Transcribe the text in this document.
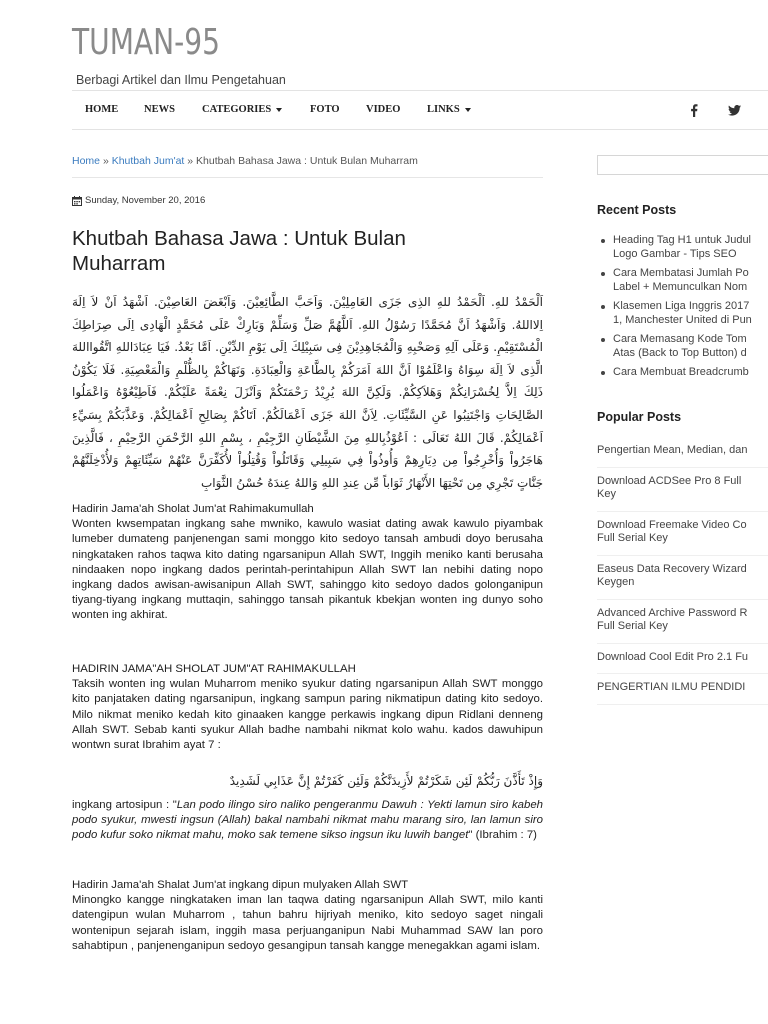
TUMAN-95
Berbagi Artikel dan Ilmu Pengetahuan
HOME NEWS	CATEGORIES	FOTO	VIDEO	LINKS
Home » Khutbah Jum'at » Khutbah Bahasa Jawa : Untuk Bulan Muharram
Sunday, November 20, 2016
Khutbah Bahasa Jawa : Untuk Bulan Muharram
اَلْحَمْدُ للهِ. اَلْحَمْدُ للهِ الذِى جَزَى العَامِلِيْنَ. وَاَحَبَّ الطَّائِعِيْنَ. وَاَبْغَضَ العَاصِيْنَ. اَشْهَدُ اَنْ لاَ اِلَهَ اِلااللهُ. وَاَشْهَدُ اَنَّ مُحَمَّدًا رَسُوْلُ اللهِ. اَللَّهُمَّ صَلِّ وَسَلِّمْ وَبَارِكْ عَلَى مُحَمَّدٍ الْهَادِى اِلَى صِرَاطِكَ الْمُسْتَقِيْمِ. وَعَلَى آلِهِ وَصَحْبِهِ وَالْمُجَاهِدِيْنَ فِى سَبِيْلِكَ اِلَى يَوْمِ الدِّيْنِ. اَمَّا بَعْدُ. فَيَا عِبَادَاللهِ اتَّقُوااللهَ الَّذِى لاَ اِلَهَ سِوَاهُ وَاعْلَمُوْا اَنَّ اللهَ اَمَرَكُمْ بِالطَّاعَةِ وَالْعِبَادَةِ. وَنَهَاكُمْ بِالظُّلْمِ وَالْمَعْصِيَةِ. فَلَا يَكُوْنُ ذَلِكَ اِلاَّ لِخُسْرَانِكُمْ وَهَلاَكِكُمْ. وَلَكِنَّ اللهَ يُرِيْدُ رَحْمَتَكُمْ وَاَنْزَلَ نِعْمَةً عَلَيْكُمْ. فَاَطِيْعُوْهُ وَاعْمَلُوا الصَّالِحَاتِ وَاجْتَنِبُوا عَنِ السَّيِّئَاتِ. لِاَنَّ اللهَ جَزَى اَعْمَالَكُمْ. اَتَاكُمْ بِصَالِحِ اَعْمَالِكُمْ. وَعَذَّبَكُمْ بِسَيِّءِ اَعْمَالِكُمْ. قَالَ اللهُ تَعَالَى : اَعُوْذُبِاللهِ مِنَ الشَّيْطَانِ الرَّجِيْمِ ، بِسْمِ اللهِ الرَّحْمَنِ الرَّحِيْمِ ، فَالَّذِينَ هَاجَرُواْ وَأُخْرِجُواْ مِن دِيَارِهِمْ وَأُوذُواْ فِي سَبِيلِي وَقَاتَلُواْ وَقُتِلُواْ لأُكَفِّرَنَّ عَنْهُمْ سَيِّئَاتِهِمْ وَلأُدْخِلَنَّهُمْ جَنَّاتٍ تَجْرِي مِن تَحْتِهَا الأَنْهَارُ ثَوَاباً مِّن عِندِ اللهِ وَاللهُ عِندَهُ حُسْنُ الثَّوَابِ

Hadirin Jama'ah Sholat Jum'at Rahimakumullah
Wonten kwsempatan ingkang sahe mwniko, kawulo wasiat dating awak kawulo piyambak lumeber dumateng panjenengan sami monggo kito sedoyo tansah ambudi doyo berusaha ningkataken rahos taqwa kito dating ngarsanipun Allah SWT, Inggih meniko kanti berusaha nindaaken nopo ingkang dados perintah-perintahipun Allah SWT lan nebihi dating nopo ingkang dados awisan-awisanipun Allah SWT, sahinggo kito sedoyo dados golonganipun tiyang-tiyang ingkang muttaqin, sahinggo tansah pikantuk kbekjan wonten ing dunyo soho wonten ing akhirat.

HADIRIN JAMA"AH SHOLAT JUM"AT RAHIMAKULLAH
Taksih wonten ing wulan Muharrom meniko syukur dating ngarsanipun Allah SWT monggo kito panjataken dating ngarsanipun, ingkang sampun paring nikmatipun dating kito sedoyo. Milo nikmat meniko kedah kito ginaaken kangge perkawis ingkang dipun Ridlani denneng Allah SWT. Sebab kanti syukur Allah badhe nambahi nikmat kolo wahu. kados dawuhipun wontwn surat Ibrahim ayat 7 :

وَإِذْ تَأَذَّنَ رَبُّكُمْ لَئِن شَكَرْتُمْ لأَزِيدَنَّكُمْ وَلَئِن كَفَرْتُمْ إِنَّ عَذَابِي لَشَدِيدٌ

ingkang artosipun : "Lan podo ilingo siro naliko pengeranmu Dawuh : Yekti lamun siro kabeh podo syukur, mwesti ingsun (Allah) bakal nambahi nikmat mahu marang siro, lan lamun siro podo kufur soko nikmat mahu, moko sak temene sikso ingsun iku luwih banget" (Ibrahim : 7)

Hadirin Jama'ah Shalat Jum'at ingkang dipun mulyaken Allah SWT
Minongko kangge ningkataken iman lan taqwa dating ngarsanipun Allah SWT, milo kanti datengipun wulan Muharrom , tahun bahru hijriyah meniko, kito sedoyo saget ningali wontenipun sejarah islam, inggih masa perjuanganipun Nabi Muhammad SAW lan poro sahabtipun , panjenenganipun sedoyo gesangipun tansah kangge menegakkan agami islam.

Recent Posts
Heading Tag H1 untuk Judul
Logo Gambar - Tips SEO
Cara Membatasi Jumlah Po
Label + Memunculkan Nom
Klasemen Liga Inggris 2017
1, Manchester United di Pun
Cara Memasang Kode Tom
Atas (Back to Top Button) d
Cara Membuat Breadcrumb
Popular Posts
Pengertian Mean, Median, dan
Download ACDSee Pro 8 Full
Key
Download Freemake Video Co
Full Serial Key
Easeus Data Recovery Wizard
Keygen
Advanced Archive Password R
Full Serial Key
Download Cool Edit Pro 2.1 Fu
PENGERTIAN ILMU PENDIDI
